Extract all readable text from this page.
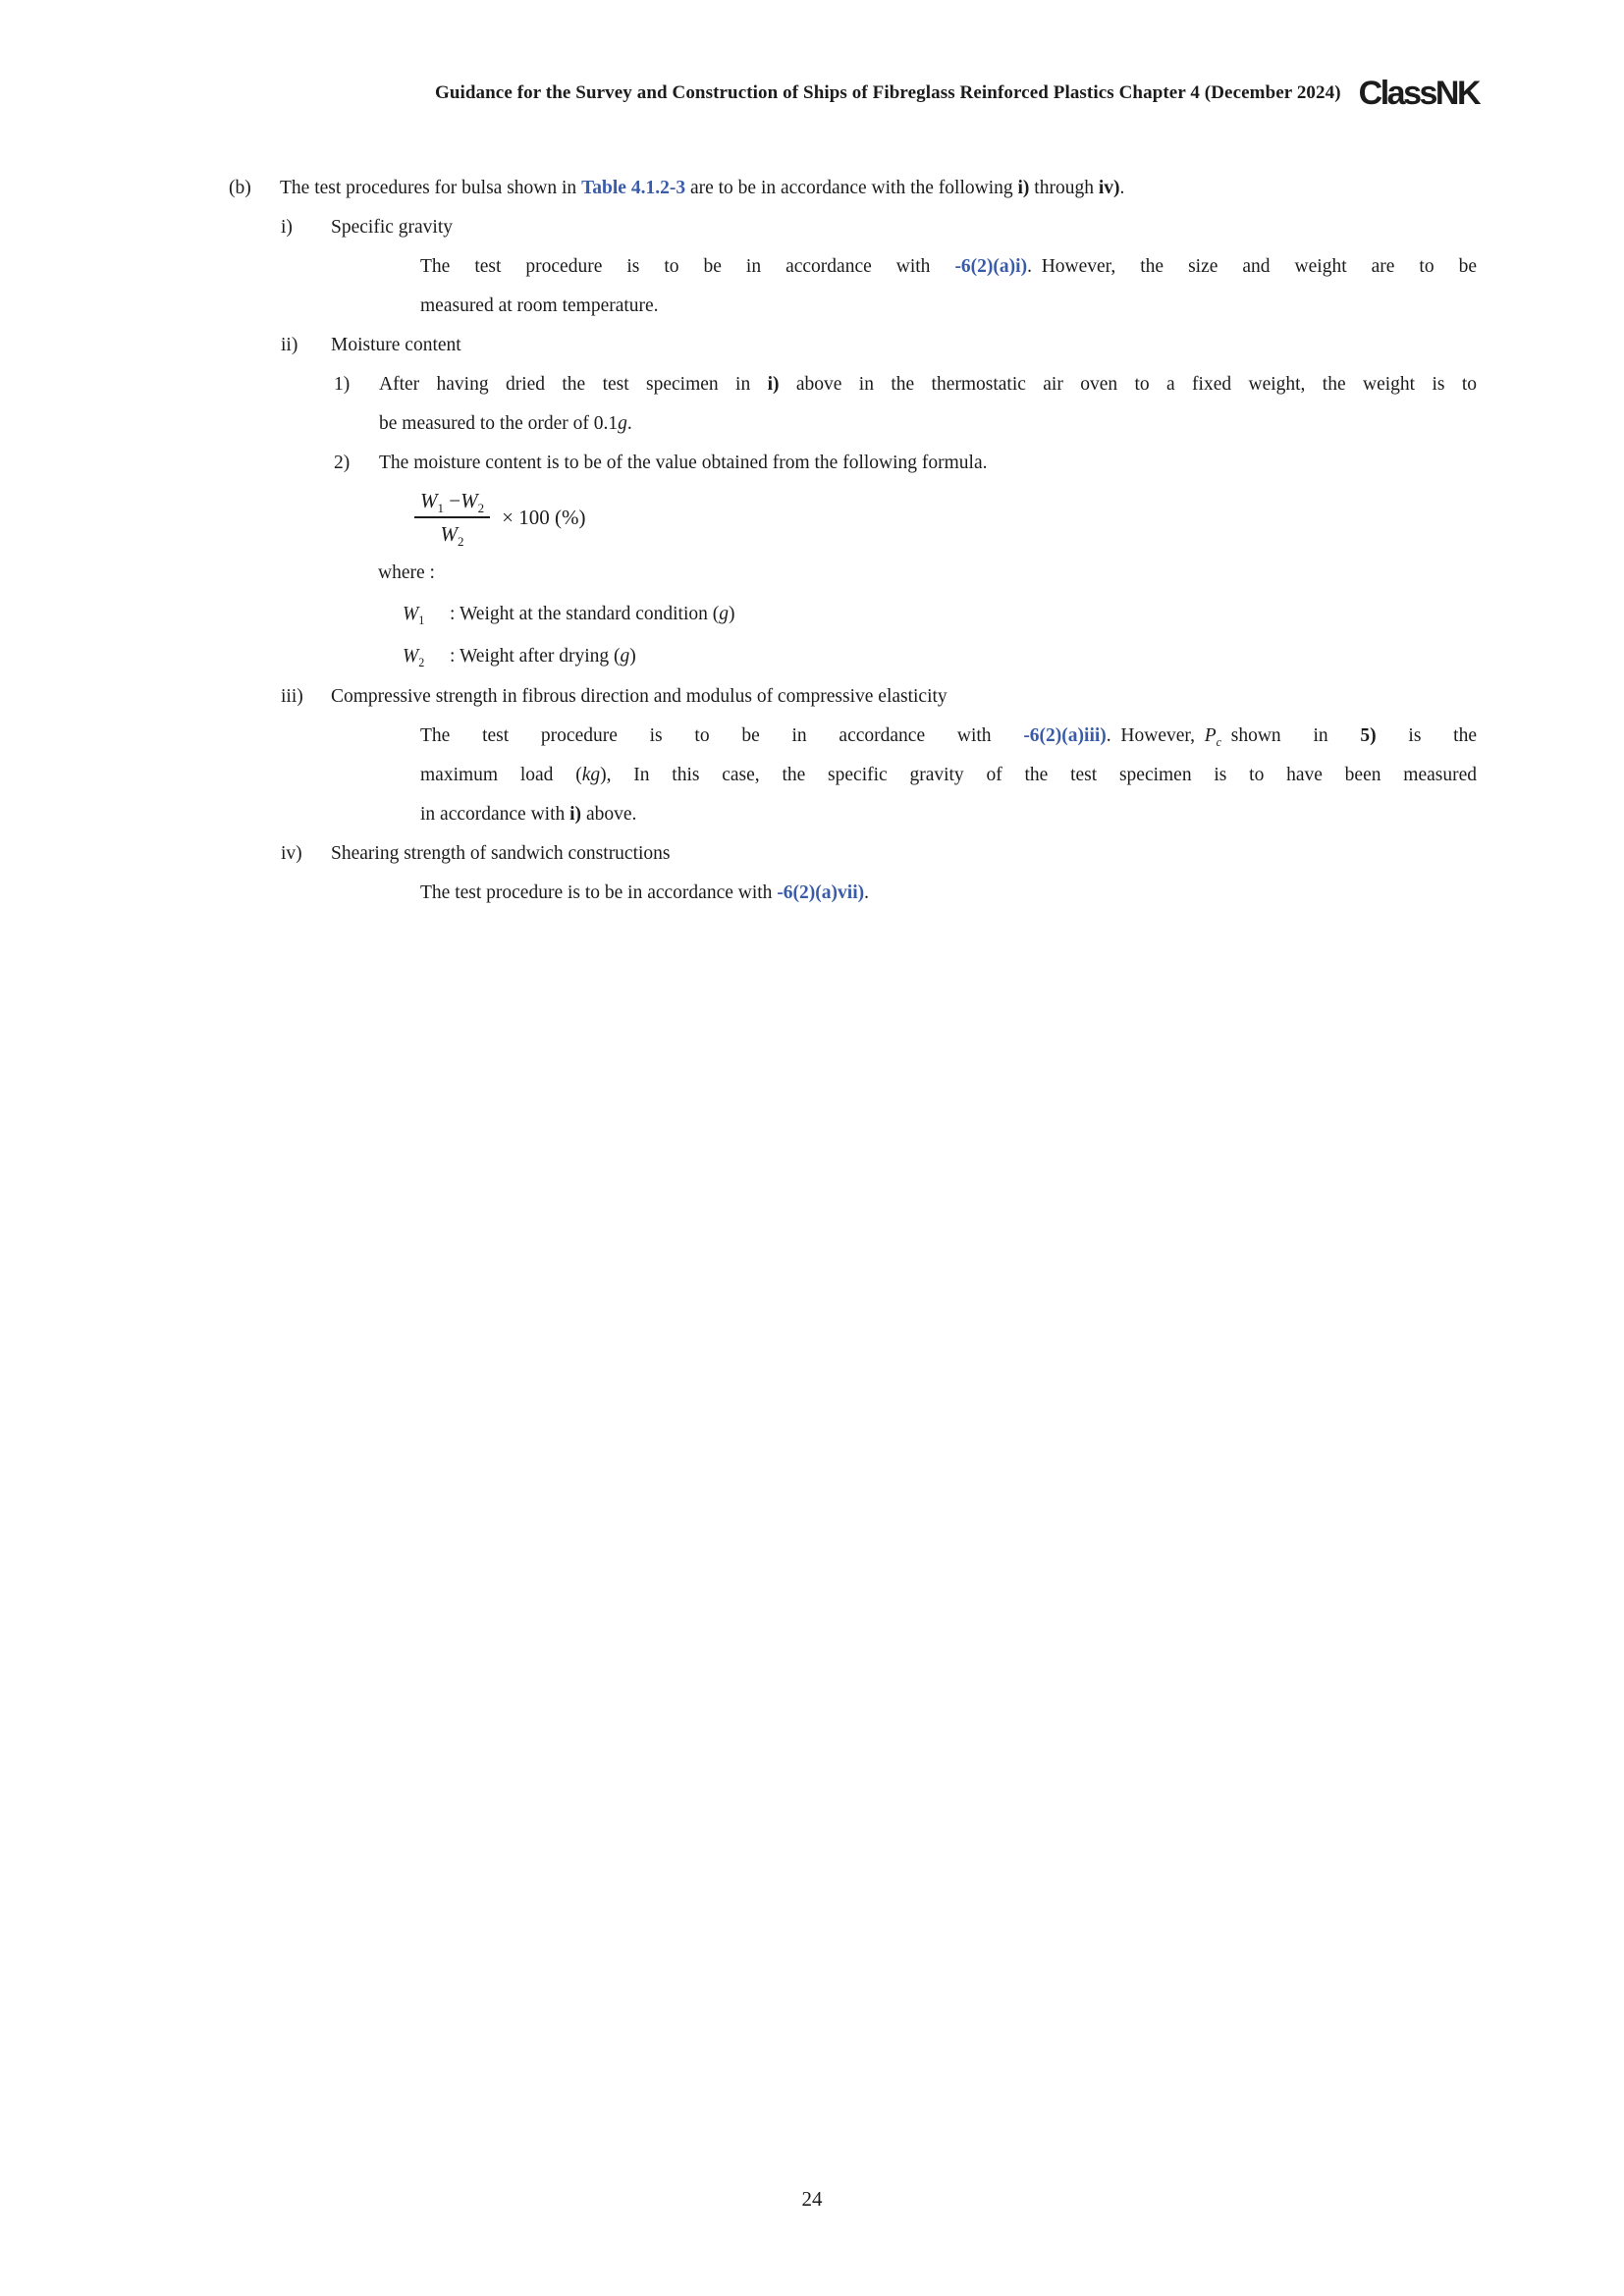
Guidance for the Survey and Construction of Ships of Fibreglass Reinforced Plastics Chapter 4 (December 2024) ClassNK
(b)	The test procedures for bulsa shown in Table 4.1.2-3 are to be in accordance with the following i) through iv).
i)	Specific gravity
The test procedure is to be in accordance with -6(2)(a)i). However, the size and weight are to be
measured at room temperature.
ii)	Moisture content
1)	After having dried the test specimen in i) above in the thermostatic air oven to a fixed weight, the weight is to
be measured to the order of 0.1g.
2)	The moisture content is to be of the value obtained from the following formula.
$\frac{W_1 -W_2}{W_2} \times 100$ (%)
where :
$W_1$	: Weight at the standard condition (g)
$W_2$	: Weight after drying (g)
iii)	Compressive strength in fibrous direction and modulus of compressive elasticity
The test procedure is to be in accordance with -6(2)(a)iii). However, $P_c$ shown in 5) is the
maximum load (kg), In this case, the specific gravity of the test specimen is to have been measured
in accordance with i) above.
iv)	Shearing strength of sandwich constructions
The test procedure is to be in accordance with -6(2)(a)vii).
24
